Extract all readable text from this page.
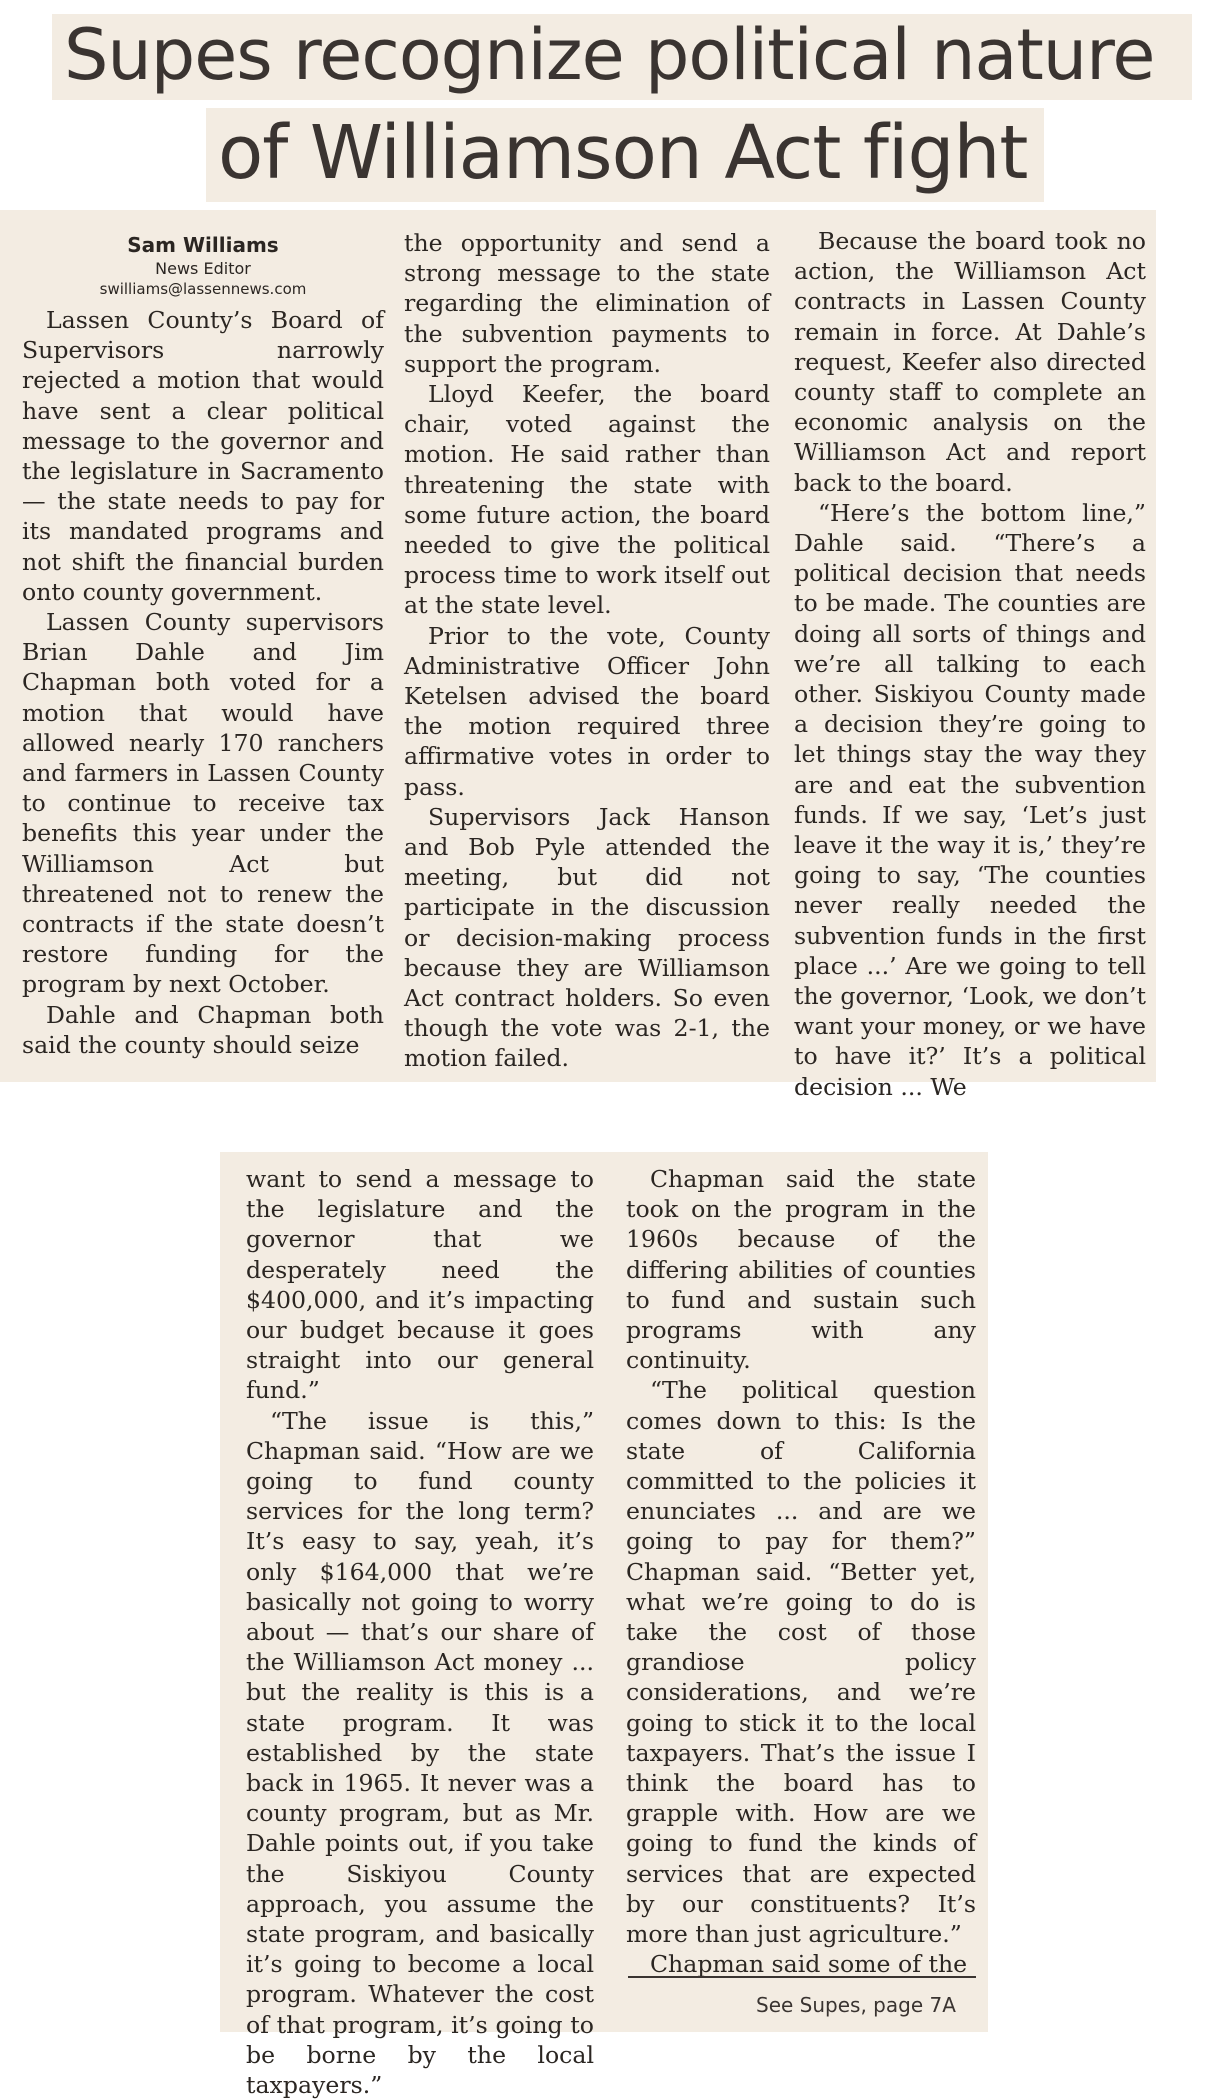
Supes recognize political nature
of Williamson Act fight
Sam Williams
News Editor
swilliams@lassennews.com

Lassen County’s Board of Supervisors narrowly rejected a motion that would have sent a clear political message to the governor and the legislature in Sacramento — the state needs to pay for its mandated programs and not shift the financial burden onto county government.

Lassen County supervisors Brian Dahle and Jim Chapman both voted for a motion that would have allowed nearly 170 ranchers and farmers in Lassen County to continue to receive tax benefits this year under the Williamson Act but threatened not to renew the contracts if the state doesn’t restore funding for the program by next October.

Dahle and Chapman both said the county should seize

the opportunity and send a strong message to the state regarding the elimination of the subvention payments to support the program.

Lloyd Keefer, the board chair, voted against the motion. He said rather than threatening the state with some future action, the board needed to give the political process time to work itself out at the state level.

Prior to the vote, County Administrative Officer John Ketelsen advised the board the motion required three affirmative votes in order to pass.

Supervisors Jack Hanson and Bob Pyle attended the meeting, but did not participate in the discussion or decision-making process because they are Williamson Act contract holders. So even though the vote was 2-1, the motion failed.

Because the board took no action, the Williamson Act contracts in Lassen County remain in force. At Dahle’s request, Keefer also directed county staff to complete an economic analysis on the Williamson Act and report back to the board.

“Here’s the bottom line,” Dahle said. “There’s a political decision that needs to be made. The counties are doing all sorts of things and we’re all talking to each other. Siskiyou County made a decision they’re going to let things stay the way they are and eat the subvention funds. If we say, ‘Let’s just leave it the way it is,’ they’re going to say, ‘The counties never really needed the subvention funds in the first place ...’ Are we going to tell the governor, ‘Look, we don’t want your money, or we have to have it?’ It’s a political decision ... We

want to send a message to the legislature and the governor that we desperately need the $400,000, and it’s impacting our budget because it goes straight into our general fund.”

“The issue is this,” Chapman said. “How are we going to fund county services for the long term? It’s easy to say, yeah, it’s only $164,000 that we’re basically not going to worry about — that’s our share of the Williamson Act money ... but the reality is this is a state program. It was established by the state back in 1965. It never was a county program, but as Mr. Dahle points out, if you take the Siskiyou County approach, you assume the state program, and basically it’s going to become a local program. Whatever the cost of that program, it’s going to be borne by the local taxpayers.”

Chapman said the state took on the program in the 1960s because of the differing abilities of counties to fund and sustain such programs with any continuity.

“The political question comes down to this: Is the state of California committed to the policies it enunciates ... and are we going to pay for them?” Chapman said. “Better yet, what we’re going to do is take the cost of those grandiose policy considerations, and we’re going to stick it to the local taxpayers. That’s the issue I think the board has to grapple with. How are we going to fund the kinds of services that are expected by our constituents? It’s more than just agriculture.”

Chapman said some of the

See Supes, page 7A
